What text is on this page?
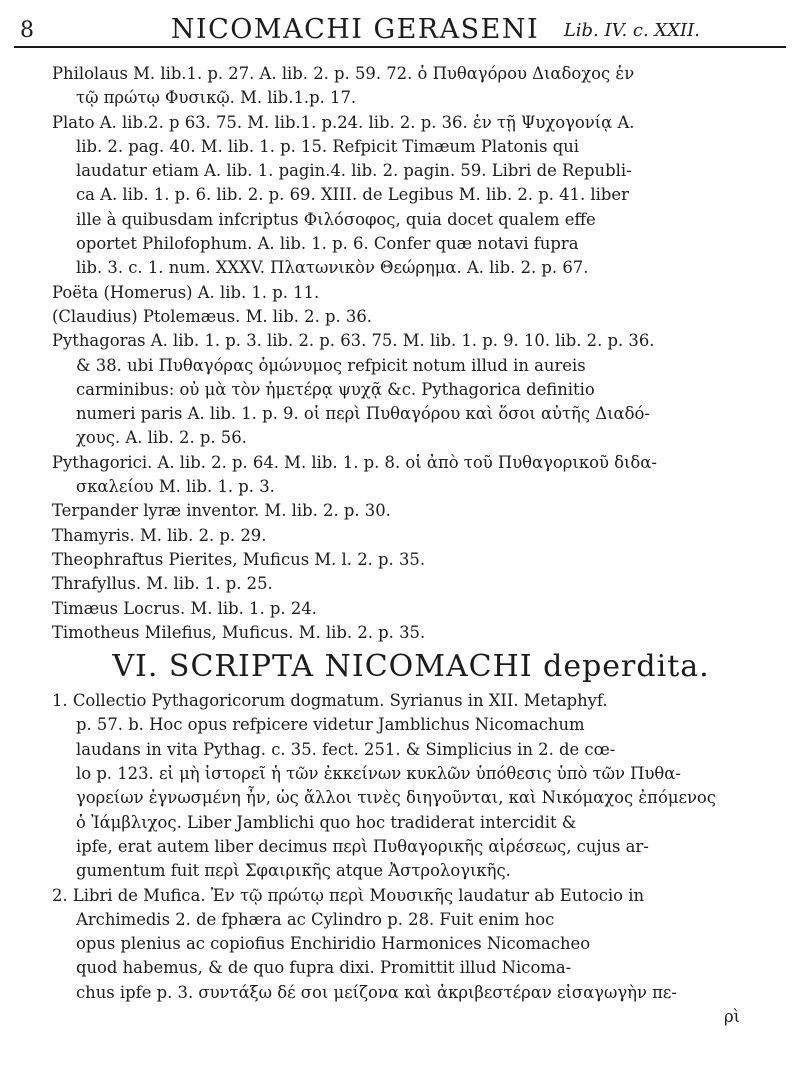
8	NICOMACHI GERASENI	Lib. IV. c. XXII.
Philolaus M. lib.1. p. 27. A. lib. 2. p. 59. 72. ὁ Πυθαγόρου Διαδοχος ἐν
τῷ πρώτῳ Φυσικῷ. M. lib.1.p. 17.
Plato A. lib.2. p 63. 75. M. lib.1. p.24. lib. 2. p. 36. ἐν τῇ Ψυχογονίᾳ A.
lib. 2. pag. 40. M. lib. 1. p. 15. Refpicit Timæum Platonis qui
laudatur etiam A. lib. 1. pagin.4. lib. 2. pagin. 59. Libri de Republi-
ca A. lib. 1. p. 6. lib. 2. p. 69. XIII. de Legibus M. lib. 2. p. 41. liber
ille à quibusdam infcriptus Φιλόσοφος, quia docet qualem effe
oportet Philofophum. A. lib. 1. p. 6. Confer quæ notavi fupra
lib. 3. c. 1. num. XXXV. Πλατωνικὸν Θεώρημα. A. lib. 2. p. 67.
Poëta (Homerus) A. lib. 1. p. 11.
(Claudius) Ptolemæus. M. lib. 2. p. 36.
Pythagoras A. lib. 1. p. 3. lib. 2. p. 63. 75. M. lib. 1. p. 9. 10. lib. 2. p. 36.
& 38. ubi Πυθαγόρας ὁμώνυμος refpicit notum illud in aureis
carminibus: οὐ μὰ τὸν ἡμετέρᾳ ψυχᾷ &c. Pythagorica definitio
numeri paris A. lib. 1. p. 9. οἱ περὶ Πυθαγόρου καὶ ὅσοι αὐτῆς Διαδό-
χους. A. lib. 2. p. 56.
Pythagorici. A. lib. 2. p. 64. M. lib. 1. p. 8. οἱ ἀπὸ τοῦ Πυθαγορικοῦ διδα-
σκαλείου M. lib. 1. p. 3.
Terpander lyræ inventor. M. lib. 2. p. 30.
Thamyris. M. lib. 2. p. 29.
Theophraftus Pierites, Muficus M. l. 2. p. 35.
Thrafyllus. M. lib. 1. p. 25.
Timæus Locrus. M. lib. 1. p. 24.
Timotheus Milefius, Muficus. M. lib. 2. p. 35.
VI. SCRIPTA NICOMACHI deperdita.
1. Collectio Pythagoricorum dogmatum. Syrianus in XII. Metaphyf.
p. 57. b. Hoc opus refpicere videtur Jamblichus Nicomachum
laudans in vita Pythag. c. 35. fect. 251. & Simplicius in 2. de cœ-
lo p. 123. εἰ μὴ ἱστορεῖ ἡ τῶν ἐκκείνων κυκλῶν ὑπόθεσις ὑπὸ τῶν Πυθα-
γορείων ἐγνωσμένη ἦν, ὡς ἄλλοι τινὲς διηγοῦνται, καὶ Νικόμαχος ἐπόμενος
ὁ Ἰάμβλιχος. Liber Jamblichi quo hoc tradiderat intercidit &
ipfe, erat autem liber decimus περὶ Πυθαγορικῆς αἱρέσεως, cujus ar-
gumentum fuit περὶ Σφαιρικῆς atque Ἀστρολογικῆς.
2. Libri de Mufica. Ἐν τῷ πρώτῳ περὶ Μουσικῆς laudatur ab Eutocio in
Archimedis 2. de fphæra ac Cylindro p. 28. Fuit enim hoc
opus plenius ac copiofius Enchiridio Harmonices Nicomacheo
quod habemus, & de quo fupra dixi. Promittit illud Nicoma-
chus ipfe p. 3. συντάξω δέ σοι μείζονα καὶ ἀκριβεστέραν εἰσαγωγὴν πε-
ρὶ
